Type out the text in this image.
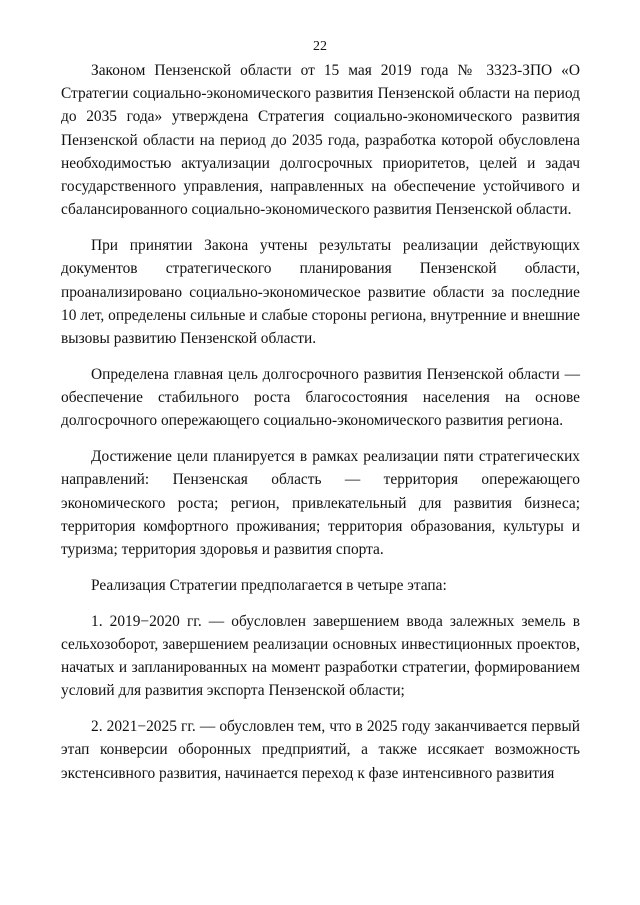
22

Законом Пензенской области от 15 мая 2019 года № 3323-ЗПО «О Стратегии социально-экономического развития Пензенской области на период до 2035 года» утверждена Стратегия социально-экономического развития Пензенской области на период до 2035 года, разработка которой обусловлена необходимостью актуализации долгосрочных приоритетов, целей и задач государственного управления, направленных на обеспечение устойчивого и сбалансированного социально-экономического развития Пензенской области.

При принятии Закона учтены результаты реализации действующих документов стратегического планирования Пензенской области, проанализировано социально-экономическое развитие области за последние 10 лет, определены сильные и слабые стороны региона, внутренние и внешние вызовы развитию Пензенской области.

Определена главная цель долгосрочного развития Пензенской области — обеспечение стабильного роста благосостояния населения на основе долгосрочного опережающего социально-экономического развития региона.

Достижение цели планируется в рамках реализации пяти стратегических направлений: Пензенская область — территория опережающего экономического роста; регион, привлекательный для развития бизнеса; территория комфортного проживания; территория образования, культуры и туризма; территория здоровья и развития спорта.

Реализация Стратегии предполагается в четыре этапа:

1. 2019−2020 гг. — обусловлен завершением ввода залежных земель в сельхозоборот, завершением реализации основных инвестиционных проектов, начатых и запланированных на момент разработки стратегии, формированием условий для развития экспорта Пензенской области;

2. 2021−2025 гг. — обусловлен тем, что в 2025 году заканчивается первый этап конверсии оборонных предприятий, а также иссякает возможность экстенсивного развития, начинается переход к фазе интенсивного развития
